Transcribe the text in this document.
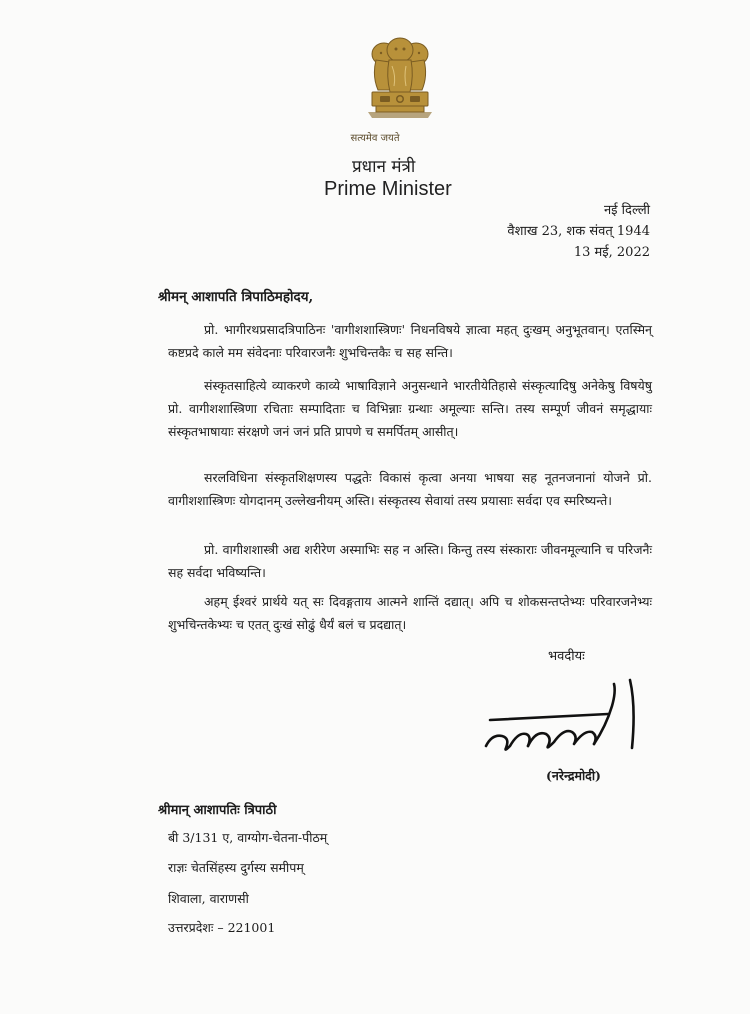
सत्यमेव जयते
प्रधान मंत्री
Prime Minister
नई दिल्ली
वैशाख 23, शक संवत् 1944
13 मई, 2022
श्रीमन् आशापति त्रिपाठिमहोदय,

प्रो. भागीरथप्रसादत्रिपाठिनः 'वागीशशास्त्रिणः' निधनविषये ज्ञात्वा महत् दुःखम् अनुभूतवान्। एतस्मिन् कष्टप्रदे काले मम संवेदनाः परिवारजनैः शुभचिन्तकैः च सह सन्ति।

संस्कृतसाहित्ये व्याकरणे काव्ये भाषाविज्ञाने अनुसन्धाने भारतीयेतिहासे संस्कृत्यादिषु अनेकेषु विषयेषु प्रो. वागीशशास्त्रिणा रचिताः सम्पादिताः च विभिन्नाः ग्रन्थाः अमूल्याः सन्ति। तस्य सम्पूर्ण जीवनं समृद्धायाः संस्कृतभाषायाः संरक्षणे जनं जनं प्रति प्रापणे च समर्पितम् आसीत्।

सरलविधिना संस्कृतशिक्षणस्य पद्धतेः विकासं कृत्वा अनया भाषया सह नूतनजनानां योजने प्रो. वागीशशास्त्रिणः योगदानम् उल्लेखनीयम् अस्ति। संस्कृतस्य सेवायां तस्य प्रयासाः सर्वदा एव स्मरिष्यन्ते।

प्रो. वागीशशास्त्री अद्य शरीरेण अस्माभिः सह न अस्ति। किन्तु तस्य संस्काराः जीवनमूल्यानि च परिजनैः सह सर्वदा भविष्यन्ति।

अहम् ईश्वरं प्रार्थये यत् सः दिवङ्गताय आत्मने शान्तिं दद्यात्। अपि च शोकसन्तप्तेभ्यः परिवारजनेभ्यः शुभचिन्तकेभ्यः च एतत् दुःखं सोढुं धैर्यं बलं च प्रदद्यात्।

भवदीयः
(नरेन्द्रमोदी)
श्रीमान् आशापतिः त्रिपाठी
बी 3/131 ए, वाग्योग-चेतना-पीठम्
राज्ञः चेतसिंहस्य दुर्गस्य समीपम्
शिवाला, वाराणसी
उत्तरप्रदेशः – 221001
